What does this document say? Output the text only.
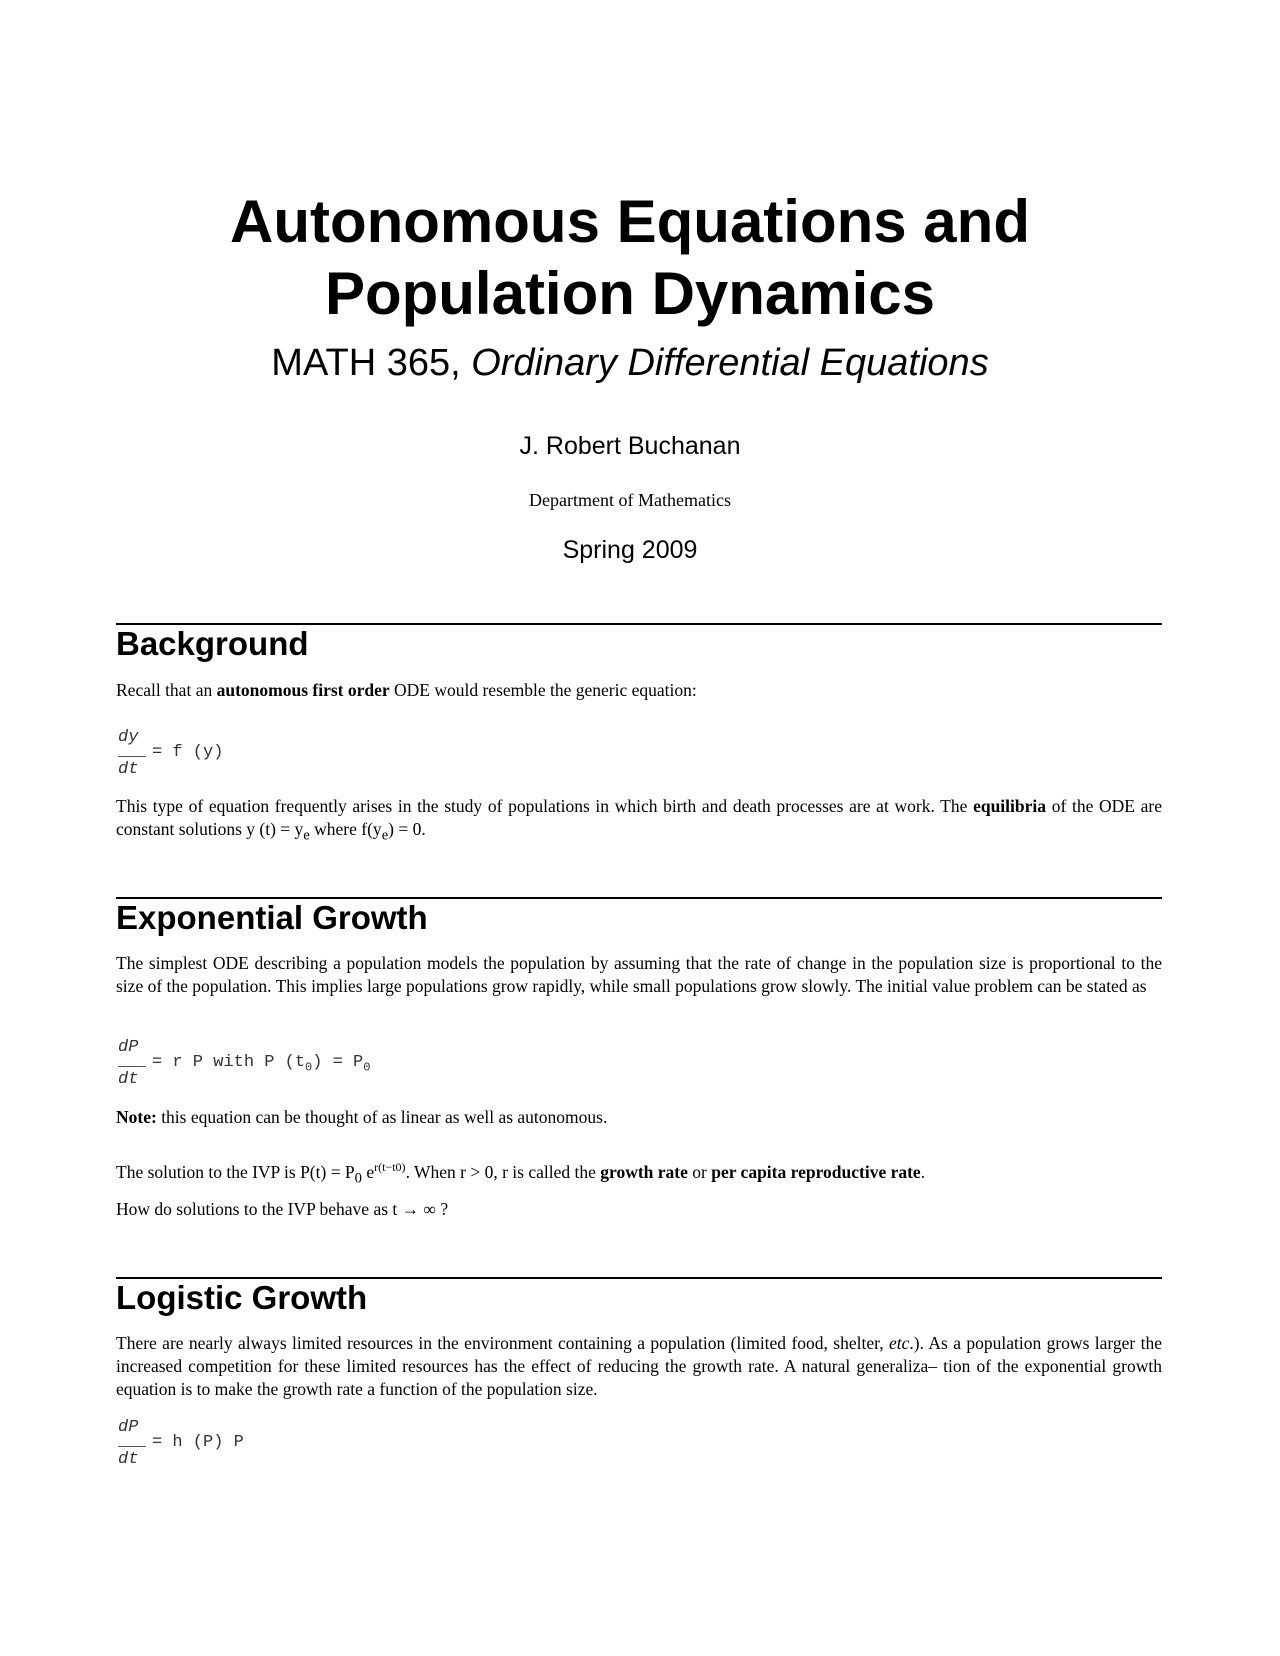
Autonomous Equations and
Population Dynamics
MATH 365, Ordinary Differential Equations
J. Robert Buchanan
Department of Mathematics
Spring 2009
Background
Recall that an autonomous first order ODE would resemble the generic equation:
dy
dt
= f (y)
This type of equation frequently arises in the study of populations in which birth and death processes are at work. The equilibria of the ODE are constant solutions y $(t) = y_e$ where $f(y_e) = 0$.
Exponential Growth
The simplest ODE describing a population models the population by assuming that the rate of change in the population size is proportional to the size of the population. This implies large populations grow rapidly, while small populations grow slowly. The initial value problem can be stated as
dP
dt
= r P with P $(t_0) = P_0$
Note: this equation can be thought of as linear as well as autonomous.
The solution to the IVP is $P(t) = P_0$ $e^{r(t-t0)}$. When r > 0, r is called the growth rate or per capita reproductive rate.
How do solutions to the IVP behave as t → ∞ ?
Logistic Growth
There are nearly always limited resources in the environment containing a population (limited food, shelter, etc.). As a population grows larger the increased competition for these limited resources has the effect of reducing the growth rate. A natural generaliza– tion of the exponential growth equation is to make the growth rate a function of the population size.
dP
dt
= h (P) P
